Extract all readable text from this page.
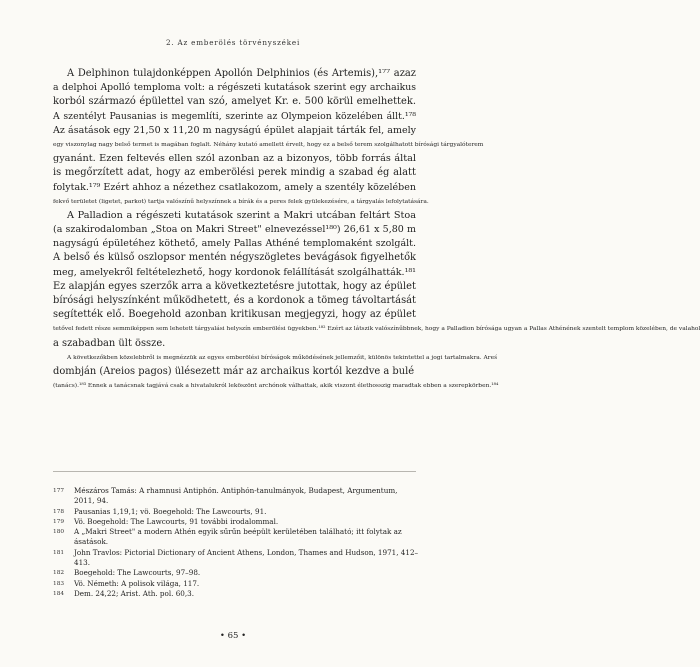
2. Az emberölés törvényszékei
A Delphinon tulajdonképpen Apollón Delphinios (és Artemis),¹⁷⁷ azaz
a delphoi Apolló temploma volt: a régészeti kutatások szerint egy archaikus
korból származó épülettel van szó, amelyet Kr. e. 500 körül emelhettek.
A szentélyt Pausanias is megemlíti, szerinte az Olympeion közelében állt.¹⁷⁸
Az ásatások egy 21,50 x 11,20 m nagyságú épület alapjait tárták fel, amely
egy viszonylag nagy belső termet is magában foglalt. Néhány kutató amellett érvelt, hogy ez a belső terem szolgálhatott bírósági tárgyalóterem
gyanánt. Ezen feltevés ellen szól azonban az a bizonyos, több forrás által
is megőrzített adat, hogy az emberölési perek mindig a szabad ég alatt
folytak.¹⁷⁹ Ezért ahhoz a nézethez csatlakozom, amely a szentély közelében
fekvő területet (ligetet, parkot) tartja valószínű helyszínnek a bírák és a peres felek gyülekezésére, a tárgyalás lefolytatására.
A Palladion a régészeti kutatások szerint a Makri utcában feltárt Stoa
(a szakirodalomban „Stoa on Makri Street" elnevezéssel¹⁸⁰) 26,61 x 5,80 m
nagyságú épületéhez köthető, amely Pallas Athéné templomaként szolgált.
A belső és külső oszlopsor mentén négyszögletes bevágások figyelhetők
meg, amelyekről feltételezhető, hogy kordonok felállítását szolgálhatták.¹⁸¹
Ez alapján egyes szerzők arra a következtetésre jutottak, hogy az épület
bírósági helyszínként működhetett, és a kordonok a tömeg távoltartását
segítették elő. Boegehold azonban kritikusan megjegyzi, hogy az épület
tetővel fedett része semmiképpen sem lehetett tárgyalási helyszín emberölési ügyekben.¹⁸² Ezért az látszik valószínűbbnek, hogy a Palladion bírósága ugyan a Pallas Athénének szentelt templom közelében, de valahol
a szabadban ült össze.
A következőkben közelebbről is megnézzük az egyes emberölési bíróságok működésének jellemzőit, különös tekintettel a jogi tartalmakra. Areś
dombján (Areios pagos) ülésezett már az archaikus kortól kezdve a bulé
(tanács).¹⁸³ Ennek a tanácsnak tagjává csak a hivatalukról leköszönt archónok válhattak, akik viszont élethosszig maradtak ebben a szerepkörben.¹⁸⁴
177	Mészáros Tamás: A rhamnusi Antiphón. Antiphón-tanulmányok, Budapest, Argumentum,
2011, 94.
178	Pausanias 1,19,1; vö. Boegehold: The Lawcourts, 91.
179	Vö. Boegehold: The Lawcourts, 91 további irodalommal.
180	A „Makri Street" a modern Athén egyik sűrűn beépült kerületében található; itt folytak az
ásatások.
181	John Travlos: Pictorial Dictionary of Ancient Athens, London, Thames and Hudson, 1971, 412–
413.
182	Boegehold: The Lawcourts, 97–98.
183	Vö. Németh: A polisok világa, 117.
184	Dem. 24,22; Arist. Ath. pol. 60,3.
• 65 •
